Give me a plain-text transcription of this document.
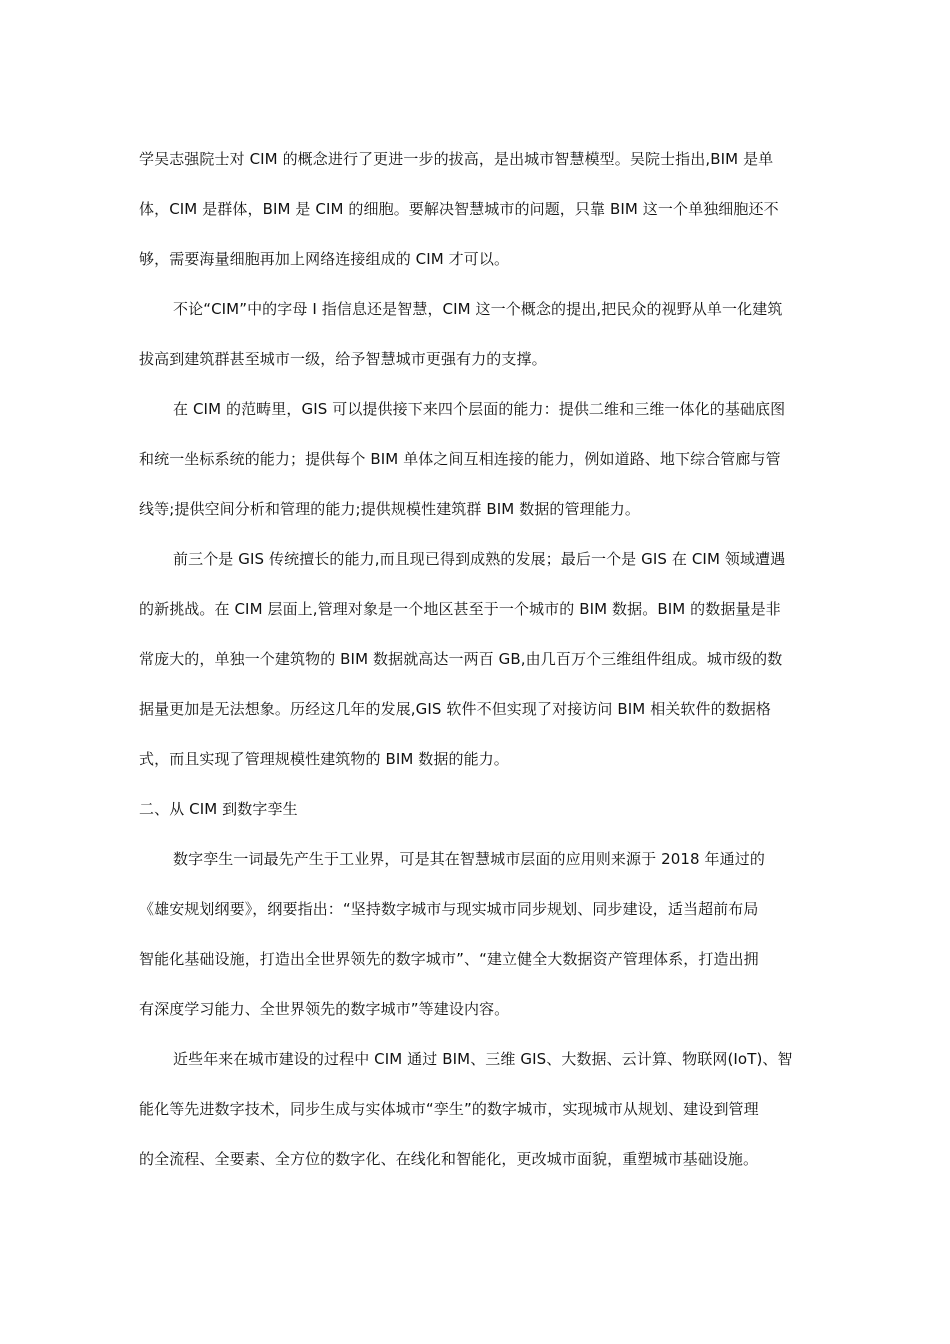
学吴志强院士对 CIM 的概念进行了更进一步的拔高，是出城市智慧模型。吴院士指出,BIM 是单
体，CIM 是群体，BIM 是 CIM 的细胞。要解决智慧城市的问题，只靠 BIM 这一个单独细胞还不
够，需要海量细胞再加上网络连接组成的 CIM 才可以。
不论“CIM”中的字母 I 指信息还是智慧，CIM 这一个概念的提出,把民众的视野从单一化建筑
拔高到建筑群甚至城市一级，给予智慧城市更强有力的支撑。
在 CIM 的范畴里，GIS 可以提供接下来四个层面的能力：提供二维和三维一体化的基础底图
和统一坐标系统的能力；提供每个 BIM 单体之间互相连接的能力，例如道路、地下综合管廊与管
线等;提供空间分析和管理的能力;提供规模性建筑群 BIM 数据的管理能力。
前三个是 GIS 传统擅长的能力,而且现已得到成熟的发展；最后一个是 GIS 在 CIM 领域遭遇
的新挑战。在 CIM 层面上,管理对象是一个地区甚至于一个城市的 BIM 数据。BIM 的数据量是非
常庞大的，单独一个建筑物的 BIM 数据就高达一两百 GB,由几百万个三维组件组成。城市级的数
据量更加是无法想象。历经这几年的发展,GIS 软件不但实现了对接访问 BIM 相关软件的数据格
式，而且实现了管理规模性建筑物的 BIM 数据的能力。
二、从 CIM 到数字孪生
数字孪生一词最先产生于工业界，可是其在智慧城市层面的应用则来源于 2018 年通过的
《雄安规划纲要》，纲要指出：“坚持数字城市与现实城市同步规划、同步建设，适当超前布局
智能化基础设施，打造出全世界领先的数字城市”、“建立健全大数据资产管理体系，打造出拥
有深度学习能力、全世界领先的数字城市”等建设内容。
近些年来在城市建设的过程中 CIM 通过 BIM、三维 GIS、大数据、云计算、物联网(IoT)、智
能化等先进数字技术，同步生成与实体城市“孪生”的数字城市，实现城市从规划、建设到管理
的全流程、全要素、全方位的数字化、在线化和智能化，更改城市面貌，重塑城市基础设施。
